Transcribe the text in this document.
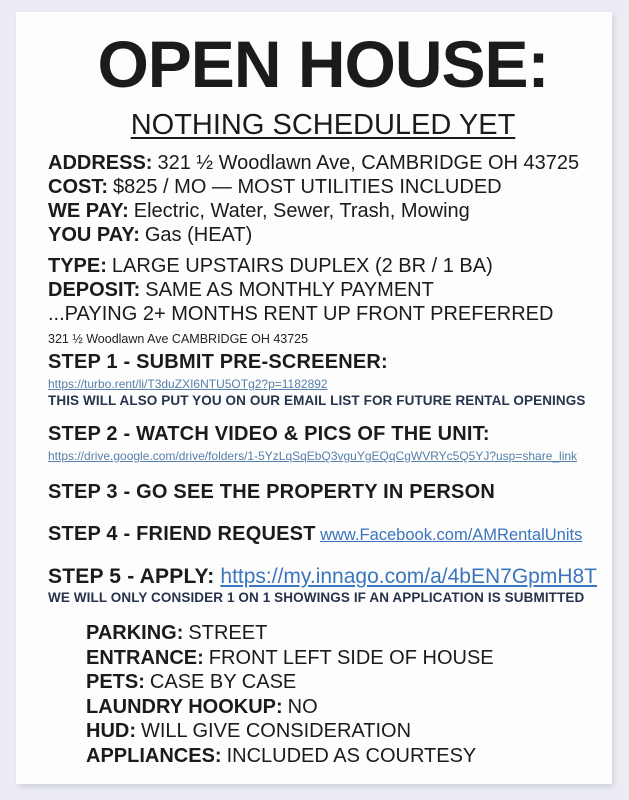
OPEN HOUSE:
NOTHING SCHEDULED YET
ADDRESS: 321 ½ Woodlawn Ave, CAMBRIDGE OH 43725
COST: $825 / MO — MOST UTILITIES INCLUDED
WE PAY: Electric, Water, Sewer, Trash, Mowing
YOU PAY: Gas (HEAT)
TYPE: LARGE UPSTAIRS DUPLEX (2 BR / 1 BA)
DEPOSIT: SAME AS MONTHLY PAYMENT
...PAYING 2+ MONTHS RENT UP FRONT PREFERRED
321 ½ Woodlawn Ave CAMBRIDGE OH 43725
STEP 1 - SUBMIT PRE-SCREENER:
https://turbo.rent/li/T3duZXI6NTU5OTg2?p=1182892
THIS WILL ALSO PUT YOU ON OUR EMAIL LIST FOR FUTURE RENTAL OPENINGS
STEP 2 - WATCH VIDEO & PICS OF THE UNIT:
https://drive.google.com/drive/folders/1-5YzLqSqEbQ3vguYgEQqCgWVRYc5Q5YJ?usp=share_link
STEP 3 - GO SEE THE PROPERTY IN PERSON
STEP 4 - FRIEND REQUEST www.Facebook.com/AMRentalUnits
STEP 5 - APPLY: https://my.innago.com/a/4bEN7GpmH8T
WE WILL ONLY CONSIDER 1 ON 1 SHOWINGS IF AN APPLICATION IS SUBMITTED
PARKING: STREET
ENTRANCE: FRONT LEFT SIDE OF HOUSE
PETS: CASE BY CASE
LAUNDRY HOOKUP: NO
HUD: WILL GIVE CONSIDERATION
APPLIANCES: INCLUDED AS COURTESY
